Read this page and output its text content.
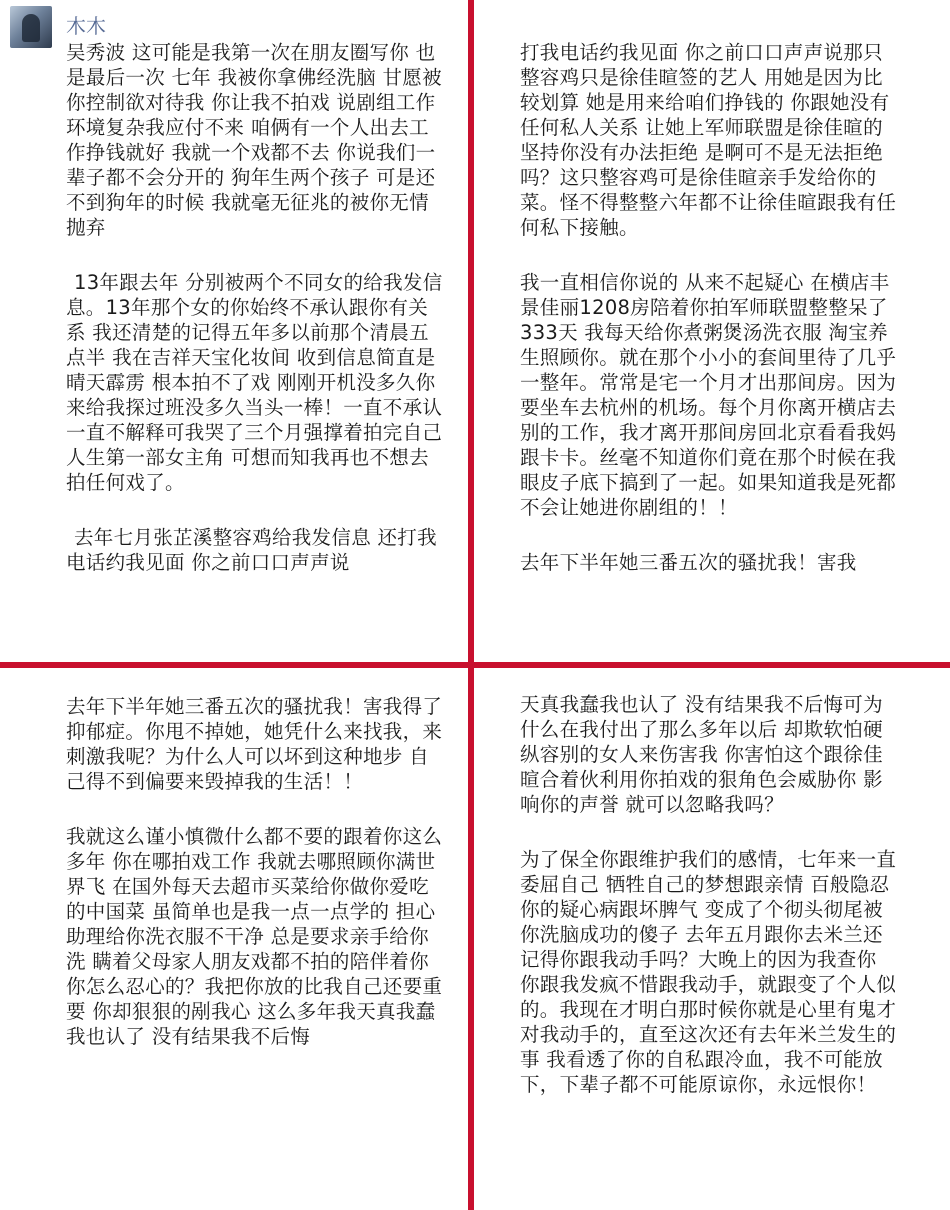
木木

吴秀波 这可能是我第一次在朋友圈写你 也是最后一次 七年 我被你拿佛经洗脑 甘愿被你控制欲对待我 你让我不拍戏 说剧组工作环境复杂我应付不来 咱俩有一个人出去工作挣钱就好 我就一个戏都不去 你说我们一辈子都不会分开的 狗年生两个孩子 可是还不到狗年的时候 我就毫无征兆的被你无情抛弃

13年跟去年 分别被两个不同女的给我发信息。13年那个女的你始终不承认跟你有关系 我还清楚的记得五年多以前那个清晨五点半 我在吉祥天宝化妆间 收到信息简直是晴天霹雳 根本拍不了戏 刚刚开机没多久你来给我探过班没多久当头一棒！一直不承认一直不解释可我哭了三个月强撑着拍完自己人生第一部女主角 可想而知我再也不想去拍任何戏了。

去年七月张芷溪整容鸡给我发信息 还打我电话约我见面 你之前口口声声说

打我电话约我见面 你之前口口声声说那只整容鸡只是徐佳暄签的艺人 用她是因为比较划算 她是用来给咱们挣钱的 你跟她没有任何私人关系 让她上军师联盟是徐佳暄的坚持你没有办法拒绝 是啊可不是无法拒绝吗？这只整容鸡可是徐佳暄亲手发给你的菜。怪不得整整六年都不让徐佳暄跟我有任何私下接触。

我一直相信你说的 从来不起疑心 在横店丰景佳丽1208房陪着你拍军师联盟整整呆了333天 我每天给你煮粥煲汤洗衣服 淘宝养生照顾你。就在那个小小的套间里待了几乎一整年。常常是宅一个月才出那间房。因为要坐车去杭州的机场。每个月你离开横店去别的工作，我才离开那间房回北京看看我妈跟卡卡。丝毫不知道你们竟在那个时候在我眼皮子底下搞到了一起。如果知道我是死都不会让她进你剧组的！！

去年下半年她三番五次的骚扰我！害我

去年下半年她三番五次的骚扰我！害我得了抑郁症。你甩不掉她，她凭什么来找我，来刺激我呢？为什么人可以坏到这种地步 自己得不到偏要来毁掉我的生活！！

我就这么谨小慎微什么都不要的跟着你这么多年 你在哪拍戏工作 我就去哪照顾你满世界飞 在国外每天去超市买菜给你做你爱吃的中国菜 虽简单也是我一点一点学的 担心助理给你洗衣服不干净 总是要求亲手给你洗 瞒着父母家人朋友戏都不拍的陪伴着你 你怎么忍心的？我把你放的比我自己还要重要 你却狠狠的剐我心 这么多年我天真我蠢我也认了 没有结果我不后悔

天真我蠢我也认了 没有结果我不后悔可为什么在我付出了那么多年以后 却欺软怕硬纵容别的女人来伤害我 你害怕这个跟徐佳暄合着伙利用你拍戏的狠角色会威胁你 影响你的声誉 就可以忽略我吗？

为了保全你跟维护我们的感情，七年来一直委屈自己 牺牲自己的梦想跟亲情 百般隐忍你的疑心病跟坏脾气 变成了个彻头彻尾被你洗脑成功的傻子 去年五月跟你去米兰还记得你跟我动手吗？大晚上的因为我查你 你跟我发疯不惜跟我动手，就跟变了个人似的。我现在才明白那时候你就是心里有鬼才对我动手的，直至这次还有去年米兰发生的事 我看透了你的自私跟冷血，我不可能放下，下辈子都不可能原谅你，永远恨你！
